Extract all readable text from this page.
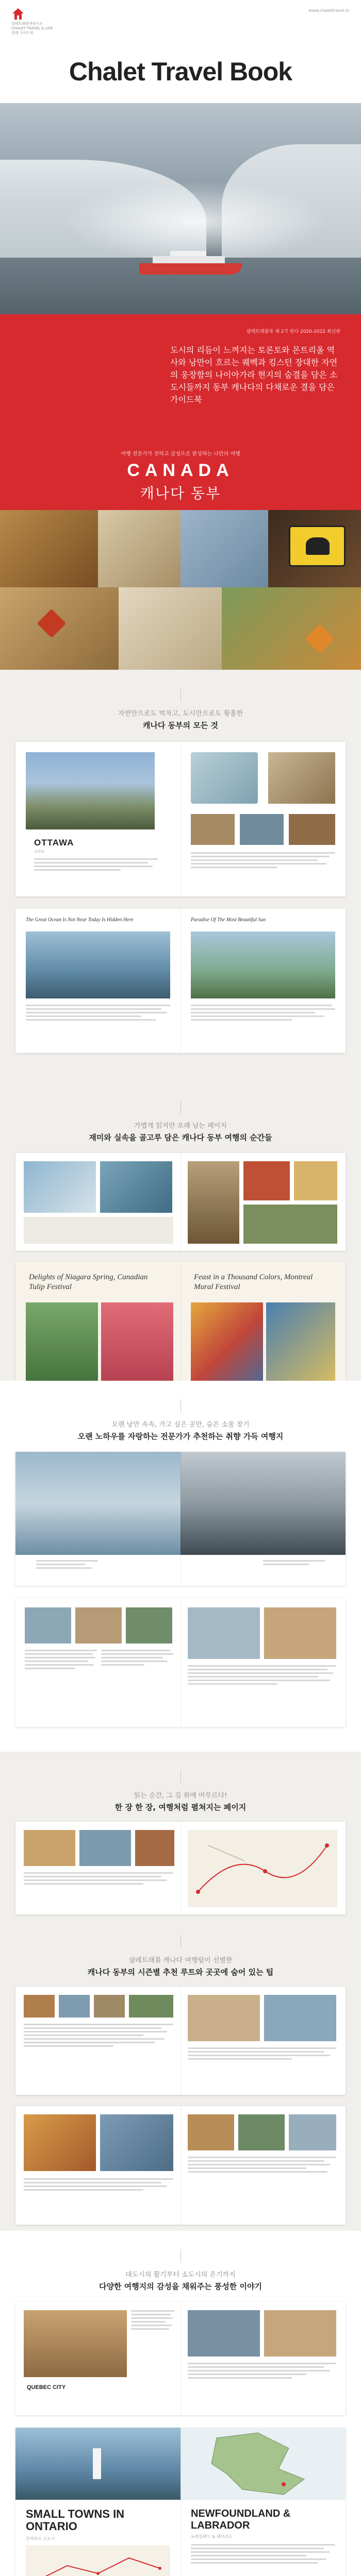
샬레트래블앤라이프
CHALET TRAVEL & LIFE
샬레 가이드북
www.chalettravel.kr
Chalet Travel Book
샬레트래블북 제 2가 한다 2020-2022 최신판
도시의 리듬이 느껴지는 토론토와 몬트리올 역사와 낭만이 흐르는 퀘벡과 킹스턴 장대한 자연의 웅장함의 나이아가라 현지의 숨결을 담은 소도시들까지 동부 캐나다의 다채로운 결을 담은 가이드북
여행 전문가가 전하고 감성으로 완성하는 나만의 여행
CANADA
캐나다 동부
자연만으로도 벅차고, 도시만으로도 황홀한
캐나다 동부의 모든 것
OTTAWA
오타와
The Great Ocean Is Not Near Today Is Hidden Here	Paradise Of The Most Beautiful Sun
가볍게 읽지만 오래 남는 페이지
재미와 실속을 골고루 담은 캐나다 동부 여행의 순간들
Delights of Niagara Spring, Canadian Tulip Festival
Feast in a Thousand Colors, Montreal Mural Festival
오랜 낭만 속속, 가고 싶은 곳만, 숨은 소울 찾기
오랜 노하우를 자랑하는 전문가가 추천하는 취향 가득 여행지
읽는 순간, 그 길 위에 머무르다!
한 장 한 장, 여행처럼 펼쳐지는 페이지
샬레트래블 캐나다 여행팀이 선별한
캐나다 동부의 시즌별 추천 루트와 곳곳에 숨어 있는 팁
대도시의 활기부터 소도시의 온기까지
다양한 여행지의 감성을 채워주는 풍성한 이야기
QUEBEC CITY
SMALL TOWNS IN ONTARIO
온타리오 소도시
NEWFOUNDLAND & LABRADOR
뉴펀들랜드 & 래브라도
